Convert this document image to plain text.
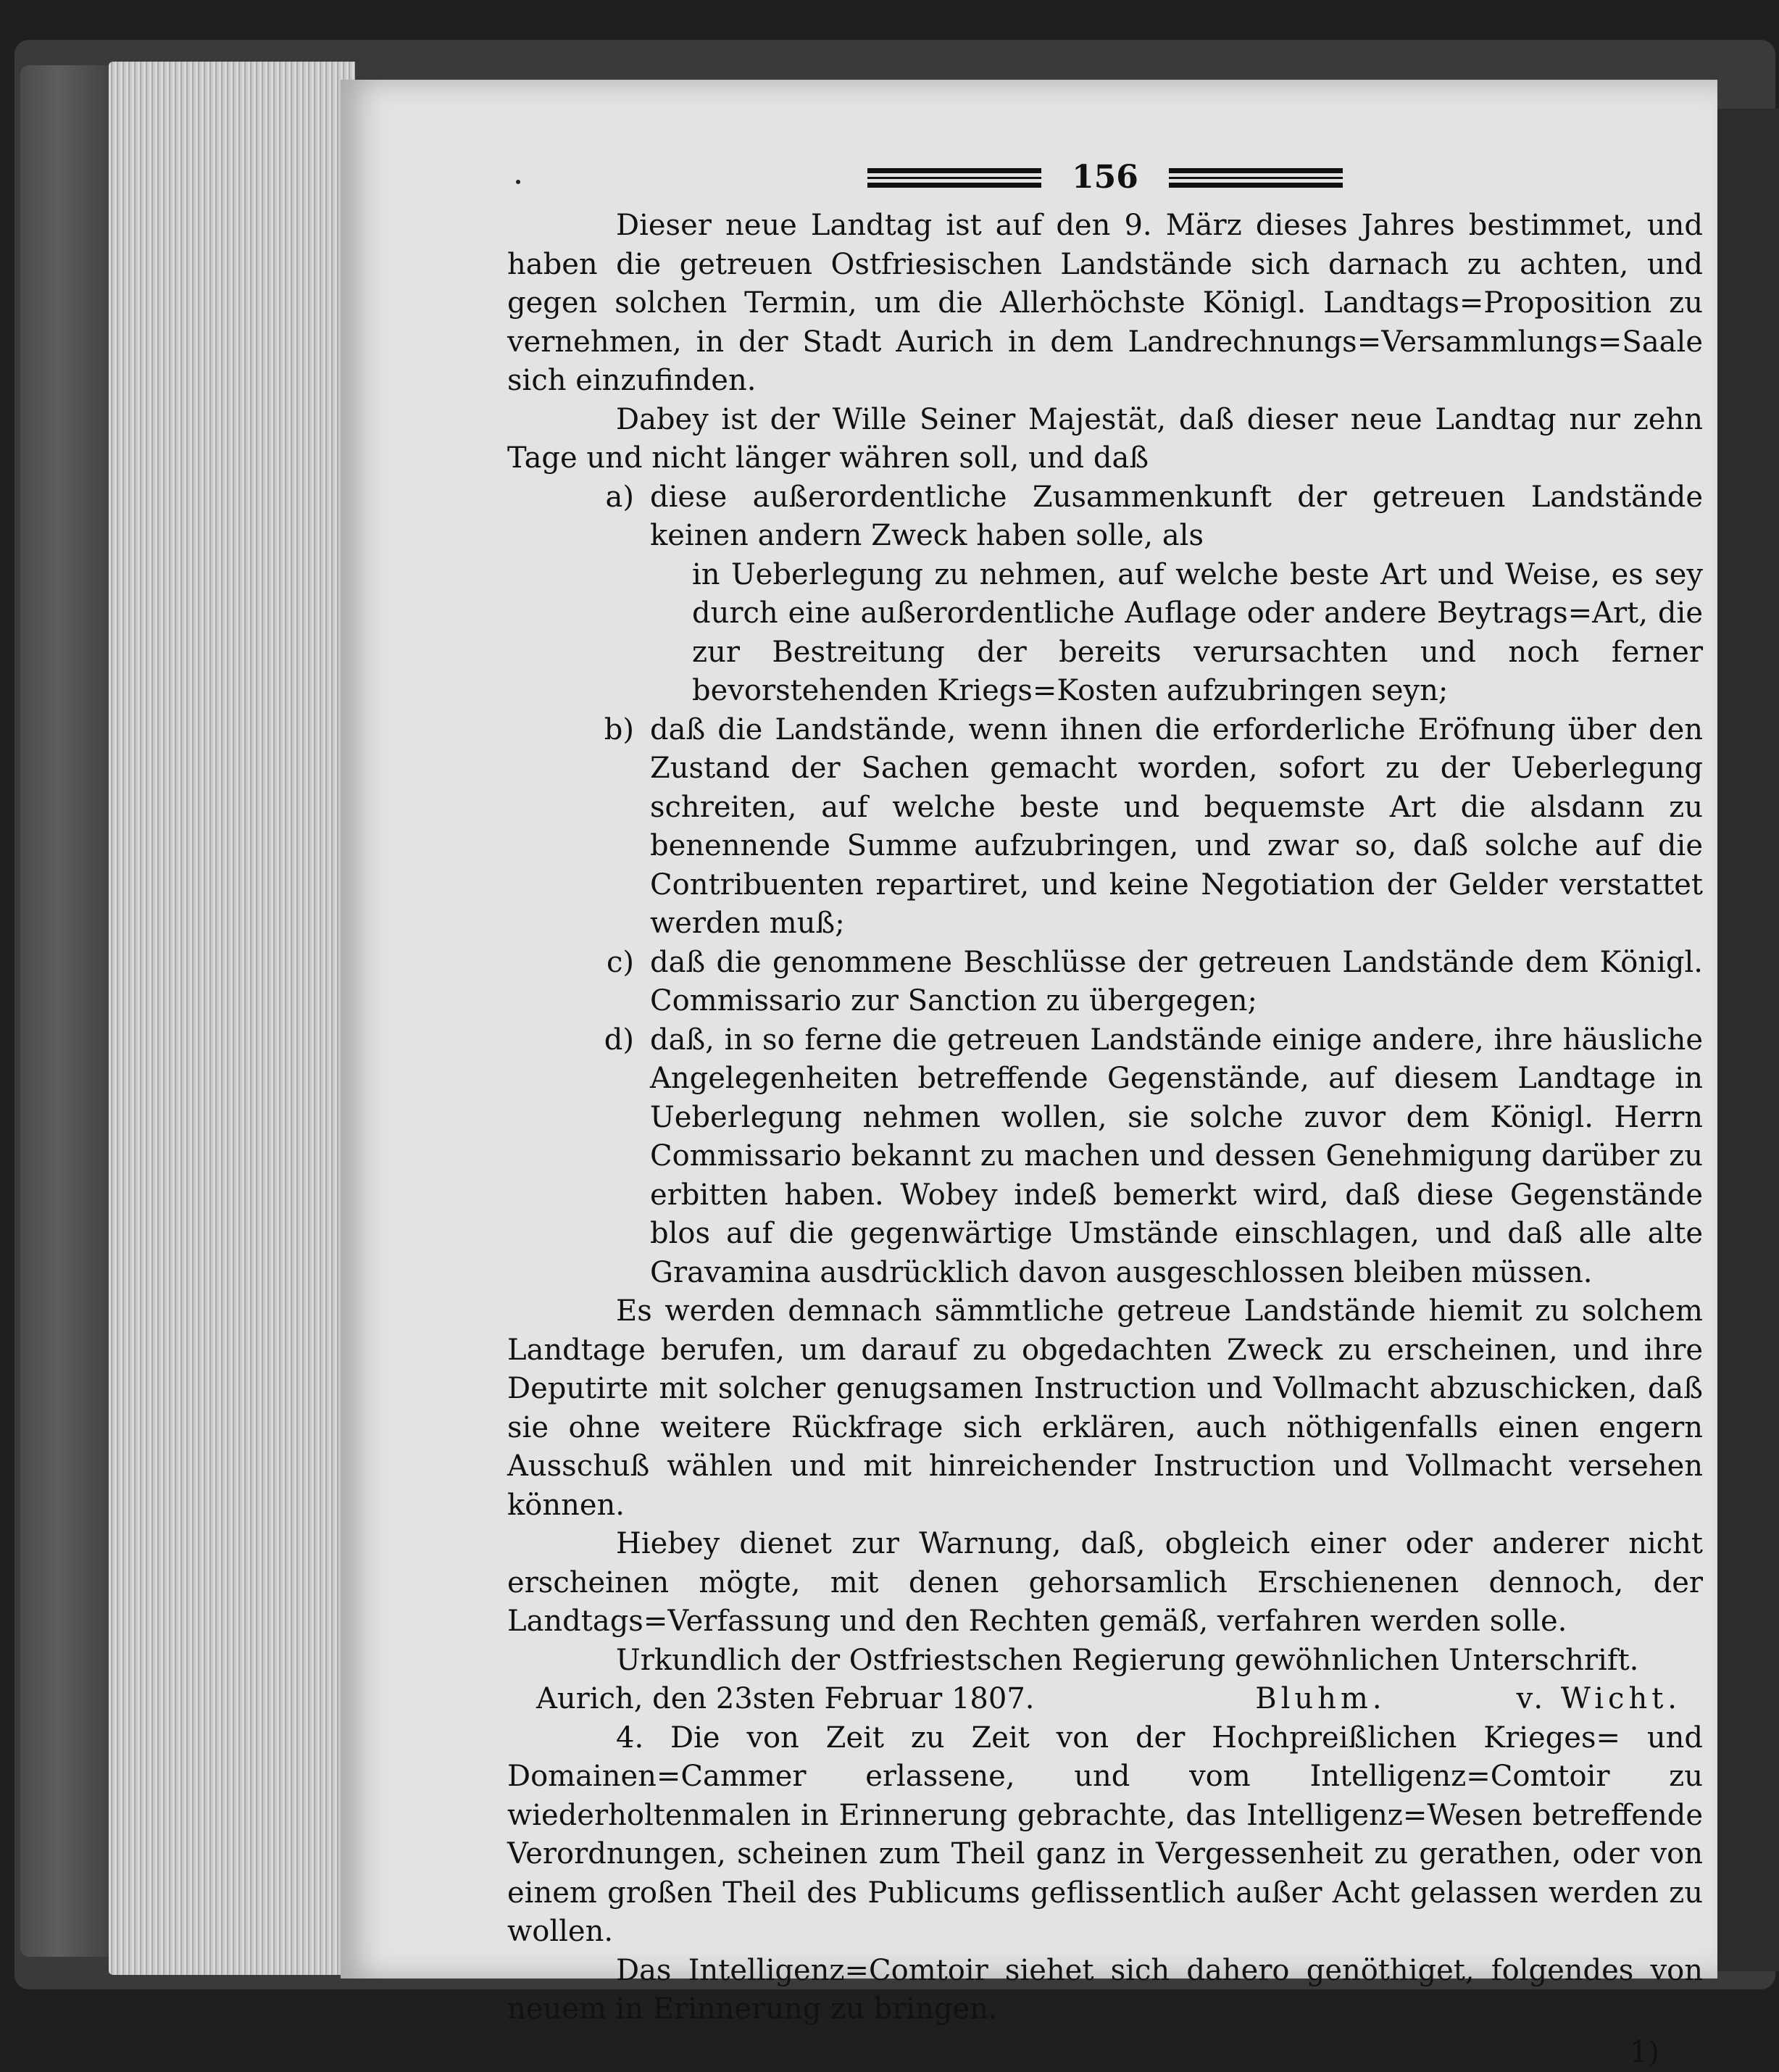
156

Dieser neue Landtag ist auf den 9. März dieses Jahres bestimmet, und haben die getreuen Ostfriesischen Landstände sich darnach zu achten, und gegen solchen Termin, um die Allerhöchste Königl. Landtags=Proposition zu vernehmen, in der Stadt Aurich in dem Landrechnungs=Versammlungs=Saale sich einzufinden.

Dabey ist der Wille Seiner Majestät, daß dieser neue Landtag nur zehn Tage und nicht länger währen soll, und daß

a) diese außerordentliche Zusammenkunft der getreuen Landstände keinen andern Zweck haben solle, als

in Ueberlegung zu nehmen, auf welche beste Art und Weise, es sey durch eine außerordentliche Auflage oder andere Beytrags=Art, die zur Bestreitung der bereits verursachten und noch ferner bevorstehenden Kriegs=Kosten aufzubringen seyn;

b) daß die Landstände, wenn ihnen die erforderliche Eröfnung über den Zustand der Sachen gemacht worden, sofort zu der Ueberlegung schreiten, auf welche beste und bequemste Art die alsdann zu benennende Summe aufzubringen, und zwar so, daß solche auf die Contribuenten repartiret, und keine Negotiation der Gelder verstattet werden muß;
c) daß die genommene Beschlüsse der getreuen Landstände dem Königl. Commissario zur Sanction zu übergegen;
d) daß, in so ferne die getreuen Landstände einige andere, ihre häusliche Angelegenheiten betreffende Gegenstände, auf diesem Landtage in Ueberlegung nehmen wollen, sie solche zuvor dem Königl. Herrn Commissario bekannt zu machen und dessen Genehmigung darüber zu erbitten haben. Wobey indeß bemerkt wird, daß diese Gegenstände blos auf die gegenwärtige Umstände einschlagen, und daß alle alte Gravamina ausdrücklich davon ausgeschlossen bleiben müssen.

Es werden demnach sämmtliche getreue Landstände hiemit zu solchem Landtage berufen, um darauf zu obgedachten Zweck zu erscheinen, und ihre Deputirte mit solcher genugsamen Instruction und Vollmacht abzuschicken, daß sie ohne weitere Rückfrage sich erklären, auch nöthigenfalls einen engern Ausschuß wählen und mit hinreichender Instruction und Vollmacht versehen können.

Hiebey dienet zur Warnung, daß, obgleich einer oder anderer nicht erscheinen mögte, mit denen gehorsamlich Erschienenen dennoch, der Landtags=Verfassung und den Rechten gemäß, verfahren werden solle.

Urkundlich der Ostfriestschen Regierung gewöhnlichen Unterschrift.

Aurich, den 23sten Februar 1807.	Bluhm.	v. Wicht.

4. Die von Zeit zu Zeit von der Hochpreißlichen Krieges= und Domainen=Cammer erlassene, und vom Intelligenz=Comtoir zu wiederholtenmalen in Erinnerung gebrachte, das Intelligenz=Wesen betreffende Verordnungen, scheinen zum Theil ganz in Vergessenheit zu gerathen, oder von einem großen Theil des Publicums geflissentlich außer Acht gelassen werden zu wollen.

Das Intelligenz=Comtoir siehet sich dahero genöthiget, folgendes von neuem in Erinnerung zu bringen.

1)
